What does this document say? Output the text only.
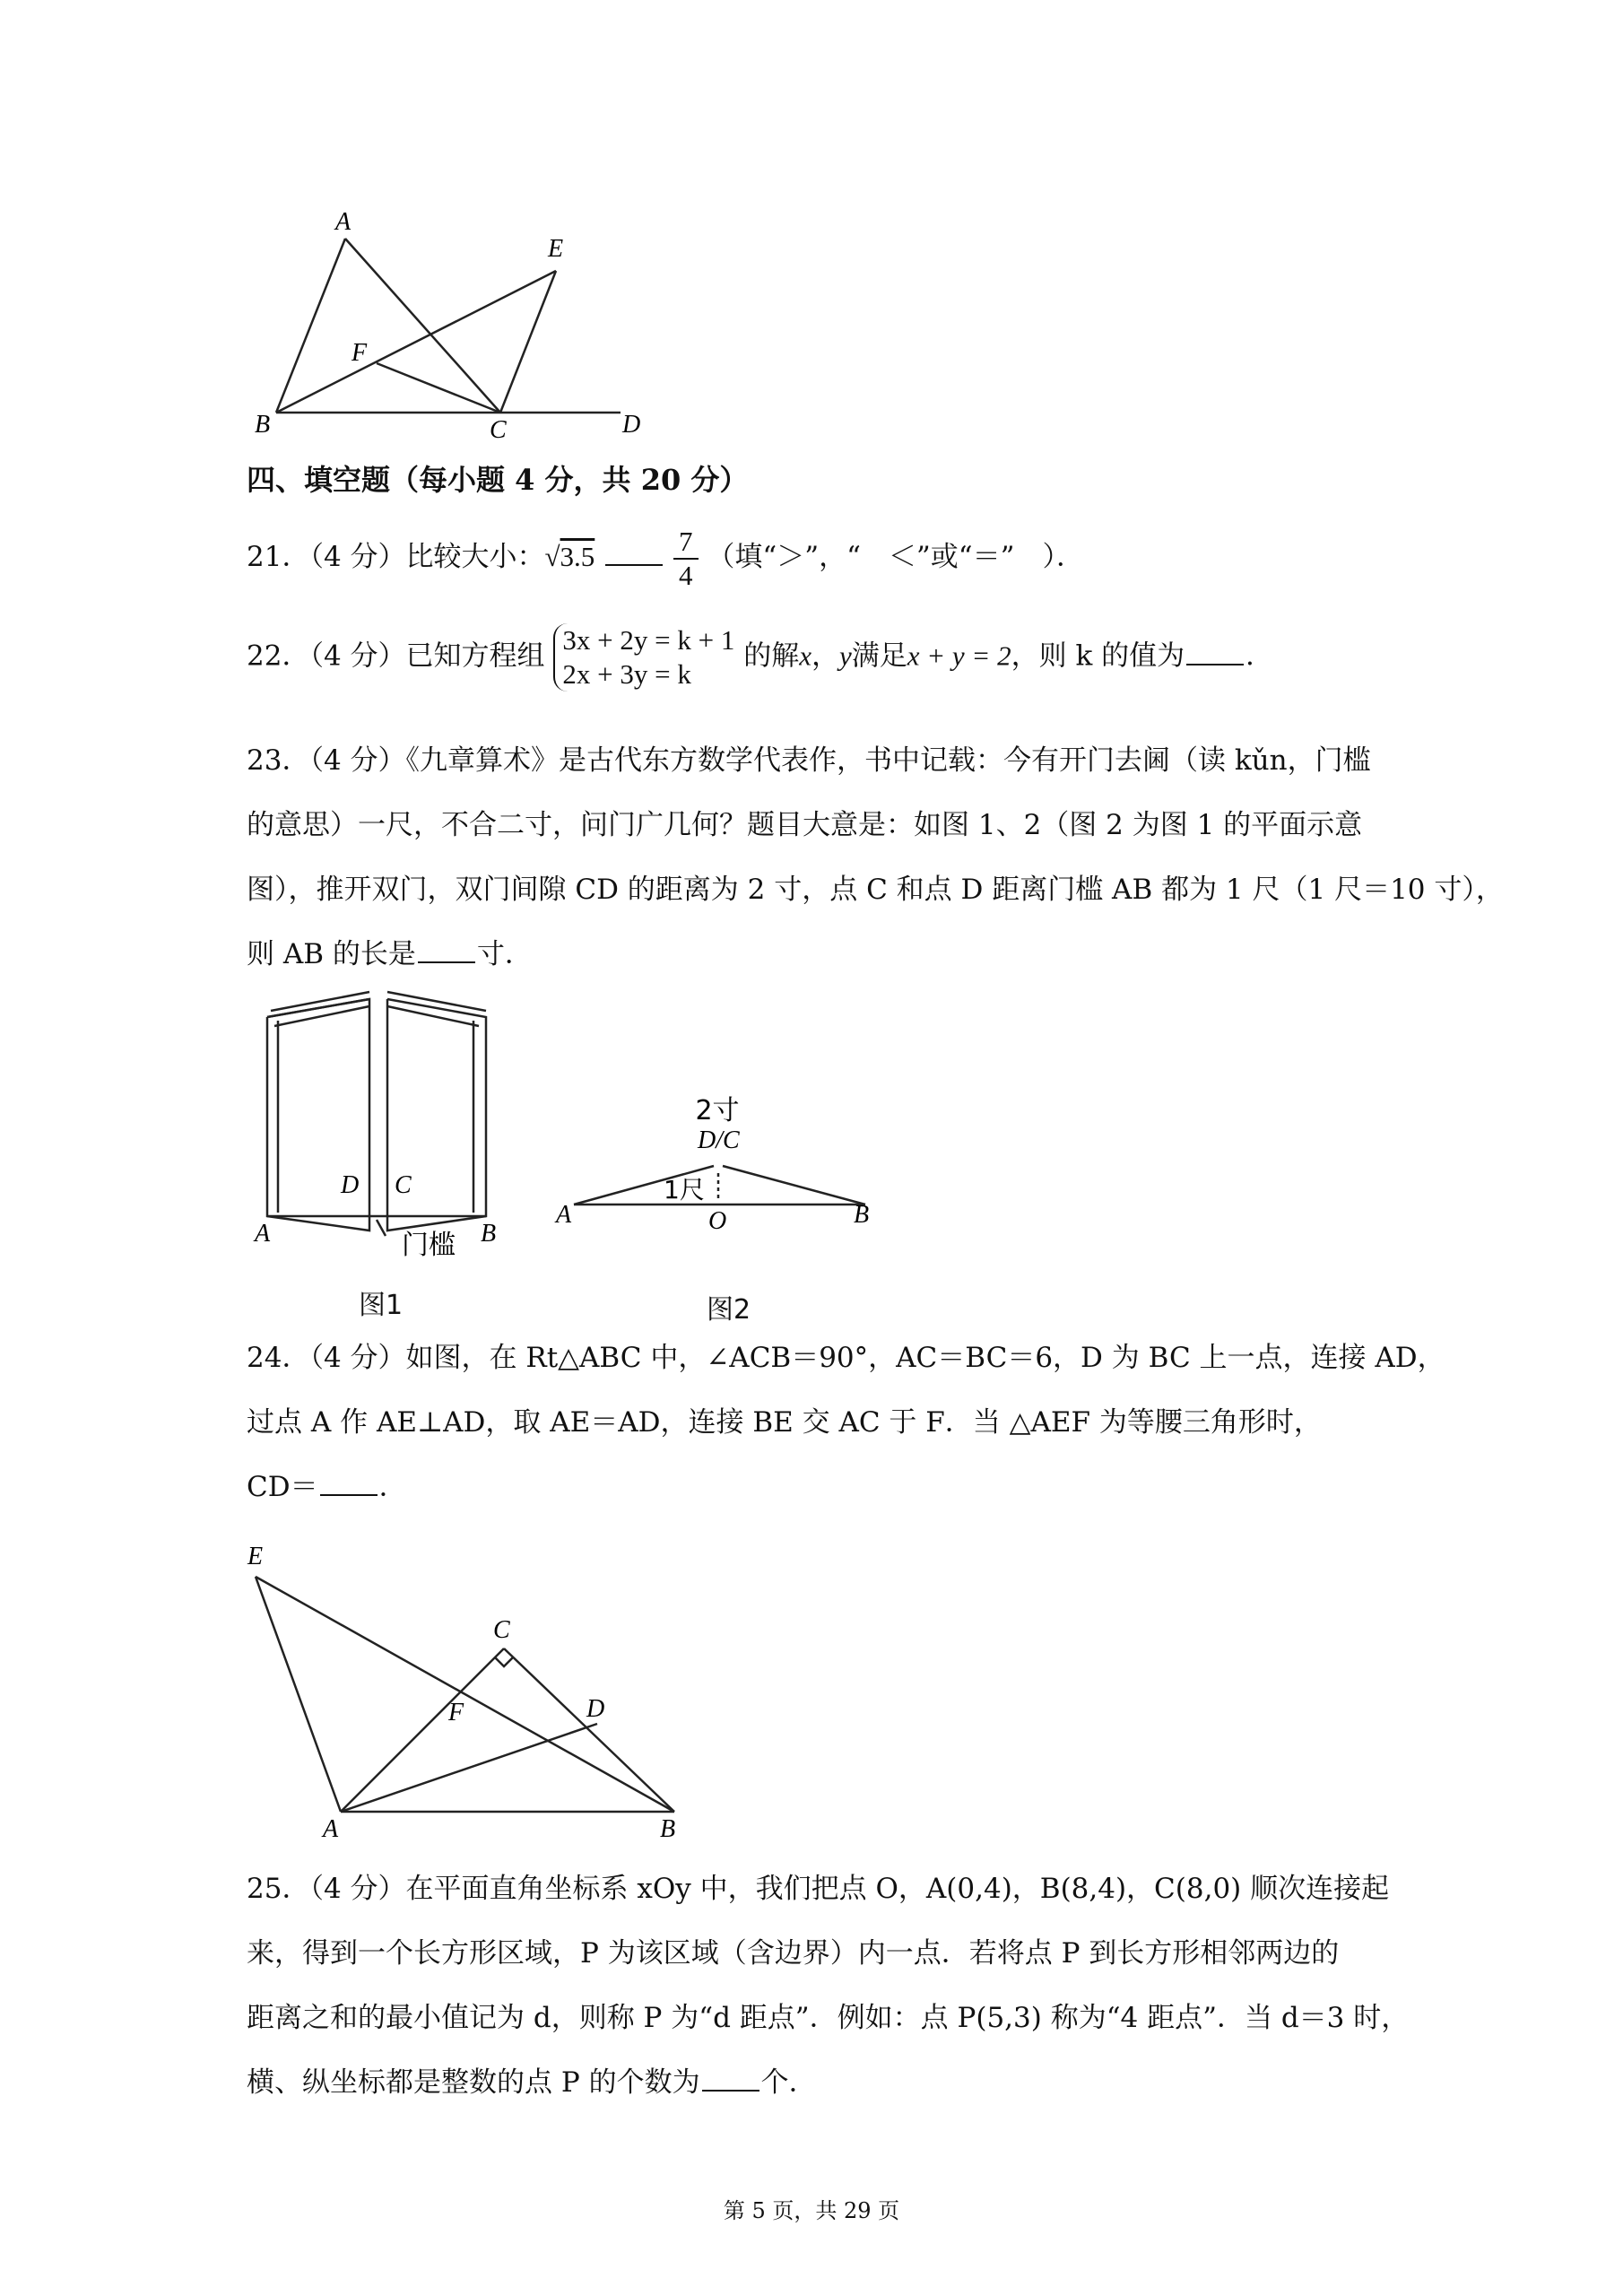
A
E
F
B	C	D
四、填空题（每小题 4 分，共 20 分）
21．（4 分）比较大小：√3.5	$\frac{7}{4}$ （填“＞”，“　＜”或“＝”　）．
22．（4 分）已知方程组 3x + 2y = k + 1
2x + 3y = k
的解x，y满足x + y = 2，则 k 的值为 ．
23．（4 分）《九章算术》是古代东方数学代表作，书中记载：今有开门去阃（读 kǔn，门槛
的意思）一尺，不合二寸，问门广几何？题目大意是：如图 1、2（图 2 为图 1 的平面示意
图），推开双门，双门间隙 CD 的距离为 2 寸，点 C 和点 D 距离门槛 AB 都为 1 尺（1 尺＝10 寸），
则 AB 的长是 寸．
D C
A	B
门槛
图1
2寸
D/C
1尺
A	O	B
图2
24．（4 分）如图，在 Rt△ABC 中，∠ACB＝90°，AC＝BC＝6，D 为 BC 上一点，连接 AD，
过点 A 作 AE⊥AD，取 AE＝AD，连接 BE 交 AC 于 F．当 △AEF 为等腰三角形时，
CD＝ ．
E
C
F	D
A	B
25．（4 分）在平面直角坐标系 xOy 中，我们把点 O，A(0,4)，B(8,4)，C(8,0) 顺次连接起
来，得到一个长方形区域，P 为该区域（含边界）内一点．若将点 P 到长方形相邻两边的
距离之和的最小值记为 d，则称 P 为“d 距点”．例如：点 P(5,3) 称为“4 距点”．当 d＝3 时，
横、纵坐标都是整数的点 P 的个数为 个．
第 5 页，共 29 页
